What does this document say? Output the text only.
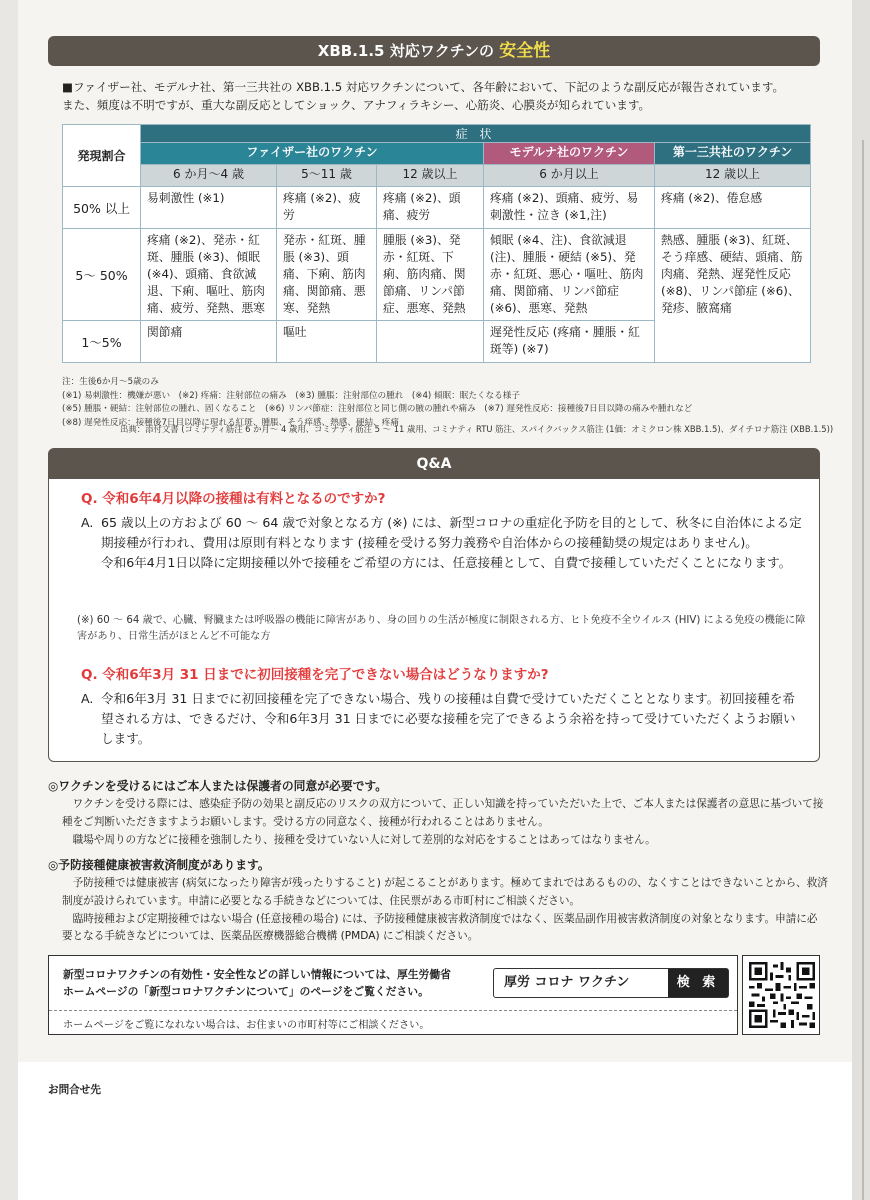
XBB.1.5 対応ワクチンの 安全性
■ファイザー社、モデルナ社、第一三共社の XBB.1.5 対応ワクチンについて、各年齢において、下記のような副反応が報告されています。
また、頻度は不明ですが、重大な副反応としてショック、アナフィラキシー、心筋炎、心膜炎が知られています。
発現割合	症 状				
	ファイザー社のワクチン			モデルナ社のワクチン	第一三共社のワクチン
	6 か月～4 歳	5～11 歳	12 歳以上	6 か月以上	12 歳以上
50% 以上	易刺激性 (※1)	疼痛 (※2)、疲労	疼痛 (※2)、頭痛、疲労	疼痛 (※2)、頭痛、疲労、易刺激性・泣き (※1,注)	疼痛 (※2)、倦怠感
5～ 50%	疼痛 (※2)、発赤・紅斑、腫脹 (※3)、傾眠 (※4)、頭痛、食欲減退、下痢、嘔吐、筋肉痛、疲労、発熱、悪寒	発赤・紅斑、腫脹 (※3)、頭痛、下痢、筋肉痛、関節痛、悪寒、発熱	腫脹 (※3)、発赤・紅斑、下痢、筋肉痛、関節痛、リンパ節症、悪寒、発熱	傾眠 (※4、注)、食欲減退 (注)、腫脹・硬結 (※5)、発赤・紅斑、悪心・嘔吐、筋肉痛、関節痛、リンパ節症 (※6)、悪寒、発熱	熱感、腫脹 (※3)、紅斑、そう痒感、硬結、頭痛、筋肉痛、発熱、遅発性反応 (※8)、リンパ節症 (※6)、発疹、腋窩痛
1～5%	関節痛	嘔吐		遅発性反応 (疼痛・腫脹・紅斑等) (※7)	
注：生後6か月～5歳のみ
(※1) 易刺激性：機嫌が悪い　(※2) 疼痛：注射部位の痛み　(※3) 腫脹：注射部位の腫れ　(※4) 傾眠：眠たくなる様子
(※5) 腫脹・硬結：注射部位の腫れ、固くなること　(※6) リンパ節症：注射部位と同じ側の腋の腫れや痛み　(※7) 遅発性反応：接種後7日目以降の痛みや腫れなど
(※8) 遅発性反応：接種後7日目以降に現れる紅斑、腫脹、そう痒感、熱感、硬結、疼痛
出典：添付文書 (コミナティ筋注 6 か月～ 4 歳用、コミナティ筋注 5 ～ 11 歳用、コミナティ RTU 筋注、スパイクバックス筋注 (1価：オミクロン株 XBB.1.5)、ダイチロナ筋注 (XBB.1.5))
Q&A
Q. 令和6年4月以降の接種は有料となるのですか?
A. 65 歳以上の方および 60 ～ 64 歳で対象となる方 (※) には、新型コロナの重症化予防を目的として、秋冬に自治体による定期接種が行われ、費用は原則有料となります (接種を受ける努力義務や自治体からの接種勧奨の規定はありません)。
令和6年4月1日以降に定期接種以外で接種をご希望の方には、任意接種として、自費で接種していただくことになります。
(※) 60 ～ 64 歳で、心臓、腎臓または呼吸器の機能に障害があり、身の回りの生活が極度に制限される方、ヒト免疫不全ウイルス (HIV) による免疫の機能に障害があり、日常生活がほとんど不可能な方
Q. 令和6年3月 31 日までに初回接種を完了できない場合はどうなりますか?
A. 令和6年3月 31 日までに初回接種を完了できない場合、残りの接種は自費で受けていただくこととなります。初回接種を希望される方は、できるだけ、令和6年3月 31 日までに必要な接種を完了できるよう余裕を持って受けていただくようお願いします。
◎ワクチンを受けるにはご本人または保護者の同意が必要です。

ワクチンを受ける際には、感染症予防の効果と副反応のリスクの双方について、正しい知識を持っていただいた上で、ご本人または保護者の意思に基づいて接種をご判断いただきますようお願いします。受ける方の同意なく、接種が行われることはありません。

職場や周りの方などに接種を強制したり、接種を受けていない人に対して差別的な対応をすることはあってはなりません。

◎予防接種健康被害救済制度があります。

予防接種では健康被害 (病気になったり障害が残ったりすること) が起こることがあります。極めてまれではあるものの、なくすことはできないことから、救済制度が設けられています。申請に必要となる手続きなどについては、住民票がある市町村にご相談ください。

臨時接種および定期接種ではない場合 (任意接種の場合) には、予防接種健康被害救済制度ではなく、医薬品副作用被害救済制度の対象となります。申請に必要となる手続きなどについては、医薬品医療機器総合機構 (PMDA) にご相談ください。

新型コロナワクチンの有効性・安全性などの詳しい情報については、厚生労働省
ホームページの「新型コロナワクチンについて」のページをご覧ください。
厚労 コロナ ワクチン	検 索
ホームページをご覧になれない場合は、お住まいの市町村等にご相談ください。
お問合せ先
